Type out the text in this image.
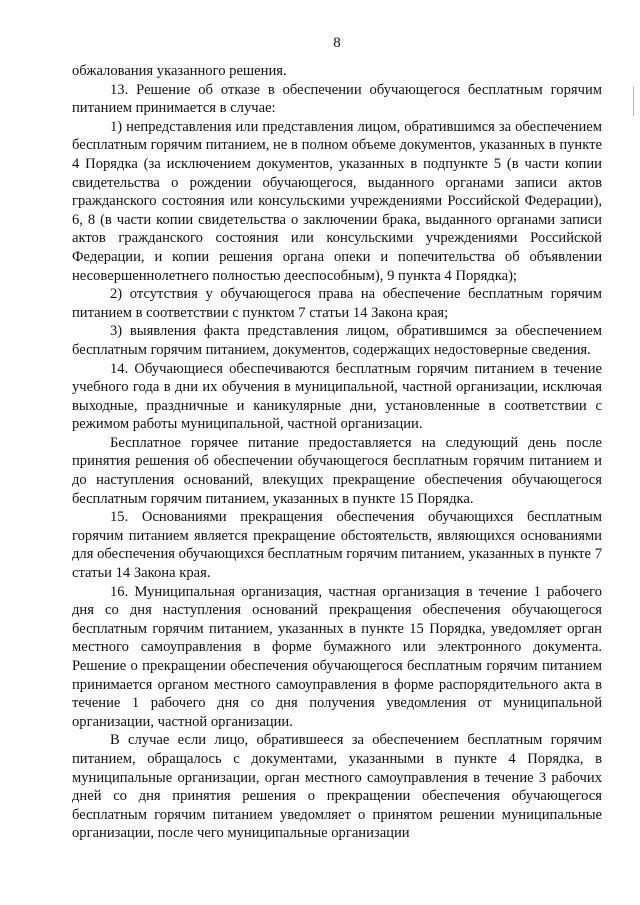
8

обжалования указанного решения.

13. Решение об отказе в обеспечении обучающегося бесплатным горячим питанием принимается в случае:

1) непредставления или представления лицом, обратившимся за обеспечением бесплатным горячим питанием, не в полном объеме документов, указанных в пункте 4 Порядка (за исключением документов, указанных в подпункте 5 (в части копии свидетельства о рождении обучающегося, выданного органами записи актов гражданского состояния или консульскими учреждениями Российской Федерации), 6, 8 (в части копии свидетельства о заключении брака, выданного органами записи актов гражданского состояния или консульскими учреждениями Российской Федерации, и копии решения органа опеки и попечительства об объявлении несовершеннолетнего полностью дееспособным), 9 пункта 4 Порядка);

2) отсутствия у обучающегося права на обеспечение бесплатным горячим питанием в соответствии с пунктом 7 статьи 14 Закона края;

3) выявления факта представления лицом, обратившимся за обеспечением бесплатным горячим питанием, документов, содержащих недостоверные сведения.

14. Обучающиеся обеспечиваются бесплатным горячим питанием в течение учебного года в дни их обучения в муниципальной, частной организации, исключая выходные, праздничные и каникулярные дни, установленные в соответствии с режимом работы муниципальной, частной организации.

Бесплатное горячее питание предоставляется на следующий день после принятия решения об обеспечении обучающегося бесплатным горячим питанием и до наступления оснований, влекущих прекращение обеспечения обучающегося бесплатным горячим питанием, указанных в пункте 15 Порядка.

15. Основаниями прекращения обеспечения обучающихся бесплатным горячим питанием является прекращение обстоятельств, являющихся основаниями для обеспечения обучающихся бесплатным горячим питанием, указанных в пункте 7 статьи 14 Закона края.

16. Муниципальная организация, частная организация в течение 1 рабочего дня со дня наступления оснований прекращения обеспечения обучающегося бесплатным горячим питанием, указанных в пункте 15 Порядка, уведомляет орган местного самоуправления в форме бумажного или электронного документа. Решение о прекращении обеспечения обучающегося бесплатным горячим питанием принимается органом местного самоуправления в форме распорядительного акта в течение 1 рабочего дня со дня получения уведомления от муниципальной организации, частной организации.

В случае если лицо, обратившееся за обеспечением бесплатным горячим питанием, обращалось с документами, указанными в пункте 4 Порядка, в муниципальные организации, орган местного самоуправления в течение 3 рабочих дней со дня принятия решения о прекращении обеспечения обучающегося бесплатным горячим питанием уведомляет о принятом решении муниципальные организации, после чего муниципальные организации
